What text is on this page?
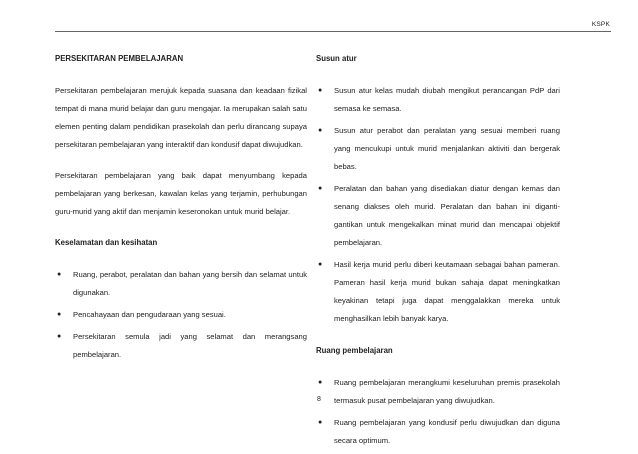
KSPK
PERSEKITARAN PEMBELAJARAN

Persekitaran pembelajaran merujuk kepada suasana dan keadaan fizikal tempat di mana murid belajar dan guru mengajar. Ia merupakan salah satu elemen penting dalam pendidikan prasekolah dan perlu dirancang supaya persekitaran pembelajaran yang interaktif dan kondusif dapat diwujudkan.

Persekitaran pembelajaran yang baik dapat menyumbang kepada pembelajaran yang berkesan, kawalan kelas yang terjamin, perhubungan guru-murid yang aktif dan menjamin keseronokan untuk murid belajar.

Keselamatan dan kesihatan
● Ruang, perabot, peralatan dan bahan yang bersih dan selamat untuk digunakan.
● Pencahayaan dan pengudaraan yang sesuai.
● Persekitaran semula jadi yang selamat dan merangsang pembelajaran.
Susun atur
● Susun atur kelas mudah diubah mengikut perancangan PdP dari semasa ke semasa.
● Susun atur perabot dan peralatan yang sesuai memberi ruang yang mencukupi untuk murid menjalankan aktiviti dan bergerak bebas.
● Peralatan dan bahan yang disediakan diatur dengan kemas dan senang diakses oleh murid. Peralatan dan bahan ini diganti-gantikan untuk mengekalkan minat murid dan mencapai objektif pembelajaran.
● Hasil kerja murid perlu diberi keutamaan sebagai bahan pameran. Pameran hasil kerja murid bukan sahaja dapat meningkatkan keyakinan tetapi juga dapat menggalakkan mereka untuk menghasilkan lebih banyak karya.
Ruang pembelajaran
● Ruang pembelajaran merangkumi keseluruhan premis prasekolah termasuk pusat pembelajaran yang diwujudkan.
● Ruang pembelajaran yang kondusif perlu diwujudkan dan diguna secara optimum.
8
